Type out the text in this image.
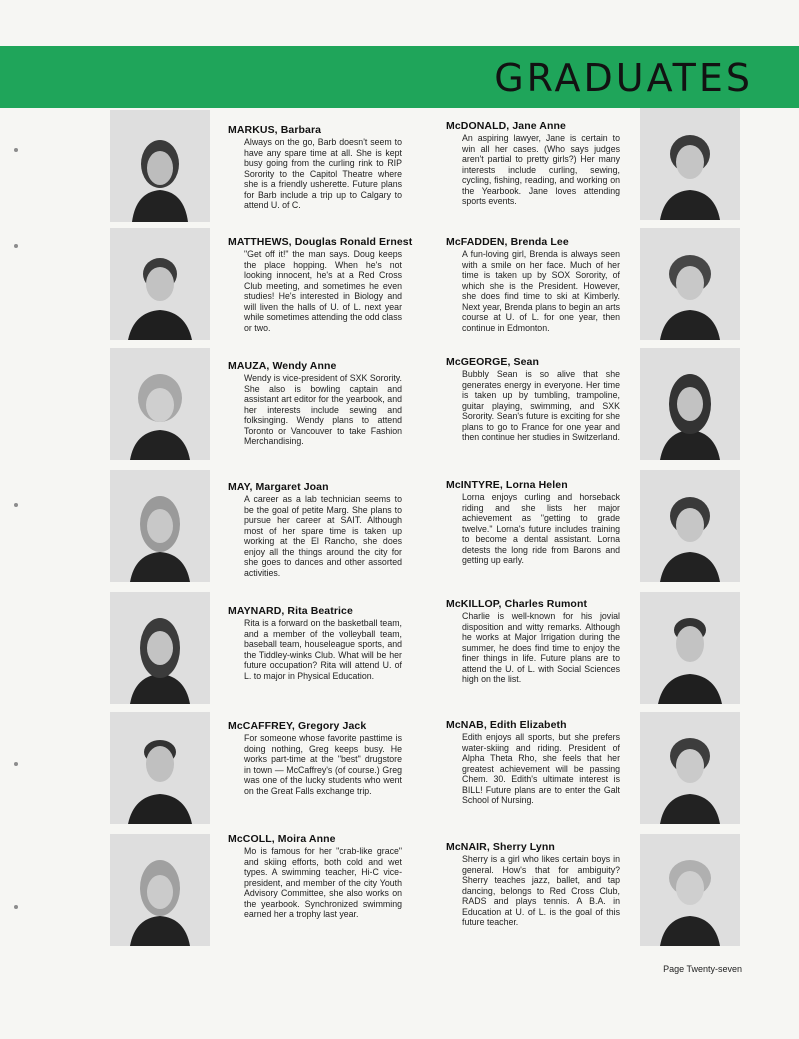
GRADUATES
MARKUS, Barbara
Always on the go, Barb doesn't seem to have any spare time at all. She is kept busy going from the curling rink to RIP Sorority to the Capitol Theatre where she is a friendly usherette. Future plans for Barb include a trip up to Calgary to attend U. of C.
MATTHEWS, Douglas Ronald Ernest
"Get off it!" the man says. Doug keeps the place hopping. When he's not looking innocent, he's at a Red Cross Club meeting, and sometimes he even studies! He's interested in Biology and will liven the halls of U. of L. next year while sometimes attending the odd class or two.
MAUZA, Wendy Anne
Wendy is vice-president of SXK Sorority. She also is bowling captain and assistant art editor for the yearbook, and her interests include sewing and folksinging. Wendy plans to attend Toronto or Vancouver to take Fashion Merchandising.
MAY, Margaret Joan
A career as a lab technician seems to be the goal of petite Marg. She plans to pursue her career at SAIT. Although most of her spare time is taken up working at the El Rancho, she does enjoy all the things around the city for she goes to dances and other assorted activities.
MAYNARD, Rita Beatrice
Rita is a forward on the basketball team, and a member of the volleyball team, baseball team, houseleague sports, and the Tiddley-winks Club. What will be her future occupation? Rita will attend U. of L. to major in Physical Education.
McCAFFREY, Gregory Jack
For someone whose favorite pasttime is doing nothing, Greg keeps busy. He works part-time at the "best" drugstore in town — McCaffrey's (of course.) Greg was one of the lucky students who went on the Great Falls exchange trip.
McCOLL, Moira Anne
Mo is famous for her "crab-like grace" and skiing efforts, both cold and wet types. A swimming teacher, Hi-C vice-president, and member of the city Youth Advisory Committee, she also works on the yearbook. Synchronized swimming earned her a trophy last year.
McDONALD, Jane Anne
An aspiring lawyer, Jane is certain to win all her cases. (Who says judges aren't partial to pretty girls?) Her many interests include curling, sewing, cycling, fishing, reading, and working on the Yearbook. Jane loves attending sports events.
McFADDEN, Brenda Lee
A fun-loving girl, Brenda is always seen with a smile on her face. Much of her time is taken up by SOX Sorority, of which she is the President. However, she does find time to ski at Kimberly. Next year, Brenda plans to begin an arts course at U. of L. for one year, then continue in Edmonton.
McGEORGE, Sean
Bubbly Sean is so alive that she generates energy in everyone. Her time is taken up by tumbling, trampoline, guitar playing, swimming, and SXK Sorority. Sean's future is exciting for she plans to go to France for one year and then continue her studies in Switzerland.
McINTYRE, Lorna Helen
Lorna enjoys curling and horseback riding and she lists her major achievement as "getting to grade twelve." Lorna's future includes training to become a dental assistant. Lorna detests the long ride from Barons and getting up early.
McKILLOP, Charles Rumont
Charlie is well-known for his jovial disposition and witty remarks. Although he works at Major Irrigation during the summer, he does find time to enjoy the finer things in life. Future plans are to attend the U. of L. with Social Sciences high on the list.
McNAB, Edith Elizabeth
Edith enjoys all sports, but she prefers water-skiing and riding. President of Alpha Theta Rho, she feels that her greatest achievement will be passing Chem. 30. Edith's ultimate interest is BILL! Future plans are to enter the Galt School of Nursing.
McNAIR, Sherry Lynn
Sherry is a girl who likes certain boys in general. How's that for ambiguity? Sherry teaches jazz, ballet, and tap dancing, belongs to Red Cross Club, RADS and plays tennis. A B.A. in Education at U. of L. is the goal of this future teacher.
Page Twenty-seven
